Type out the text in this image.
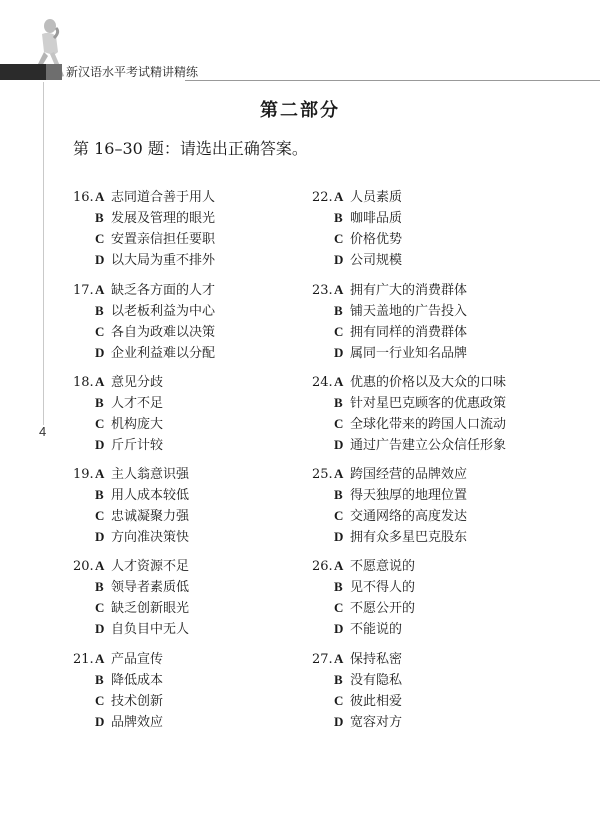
新汉语水平考试精讲精练
4
第二部分
第 16–30 题：请选出正确答案。
16.A 志同道合善于用人
B 发展及管理的眼光
C 安置亲信担任要职
D 以大局为重不排外
17.A 缺乏各方面的人才
B 以老板利益为中心
C 各自为政难以决策
D 企业利益难以分配
18.A 意见分歧
B 人才不足
C 机构庞大
D 斤斤计较
19.A 主人翁意识强
B 用人成本较低
C 忠诚凝聚力强
D 方向准决策快
20.A 人才资源不足
B 领导者素质低
C 缺乏创新眼光
D 自负目中无人
21.A 产品宣传
B 降低成本
C 技术创新
D 品牌效应
22.A 人员素质
B 咖啡品质
C 价格优势
D 公司规模
23.A 拥有广大的消费群体
B 铺天盖地的广告投入
C 拥有同样的消费群体
D 属同一行业知名品牌
24.A 优惠的价格以及大众的口味
B 针对星巴克顾客的优惠政策
C 全球化带来的跨国人口流动
D 通过广告建立公众信任形象
25.A 跨国经营的品牌效应
B 得天独厚的地理位置
C 交通网络的高度发达
D 拥有众多星巴克股东
26.A 不愿意说的
B 见不得人的
C 不愿公开的
D 不能说的
27.A 保持私密
B 没有隐私
C 彼此相爱
D 宽容对方
